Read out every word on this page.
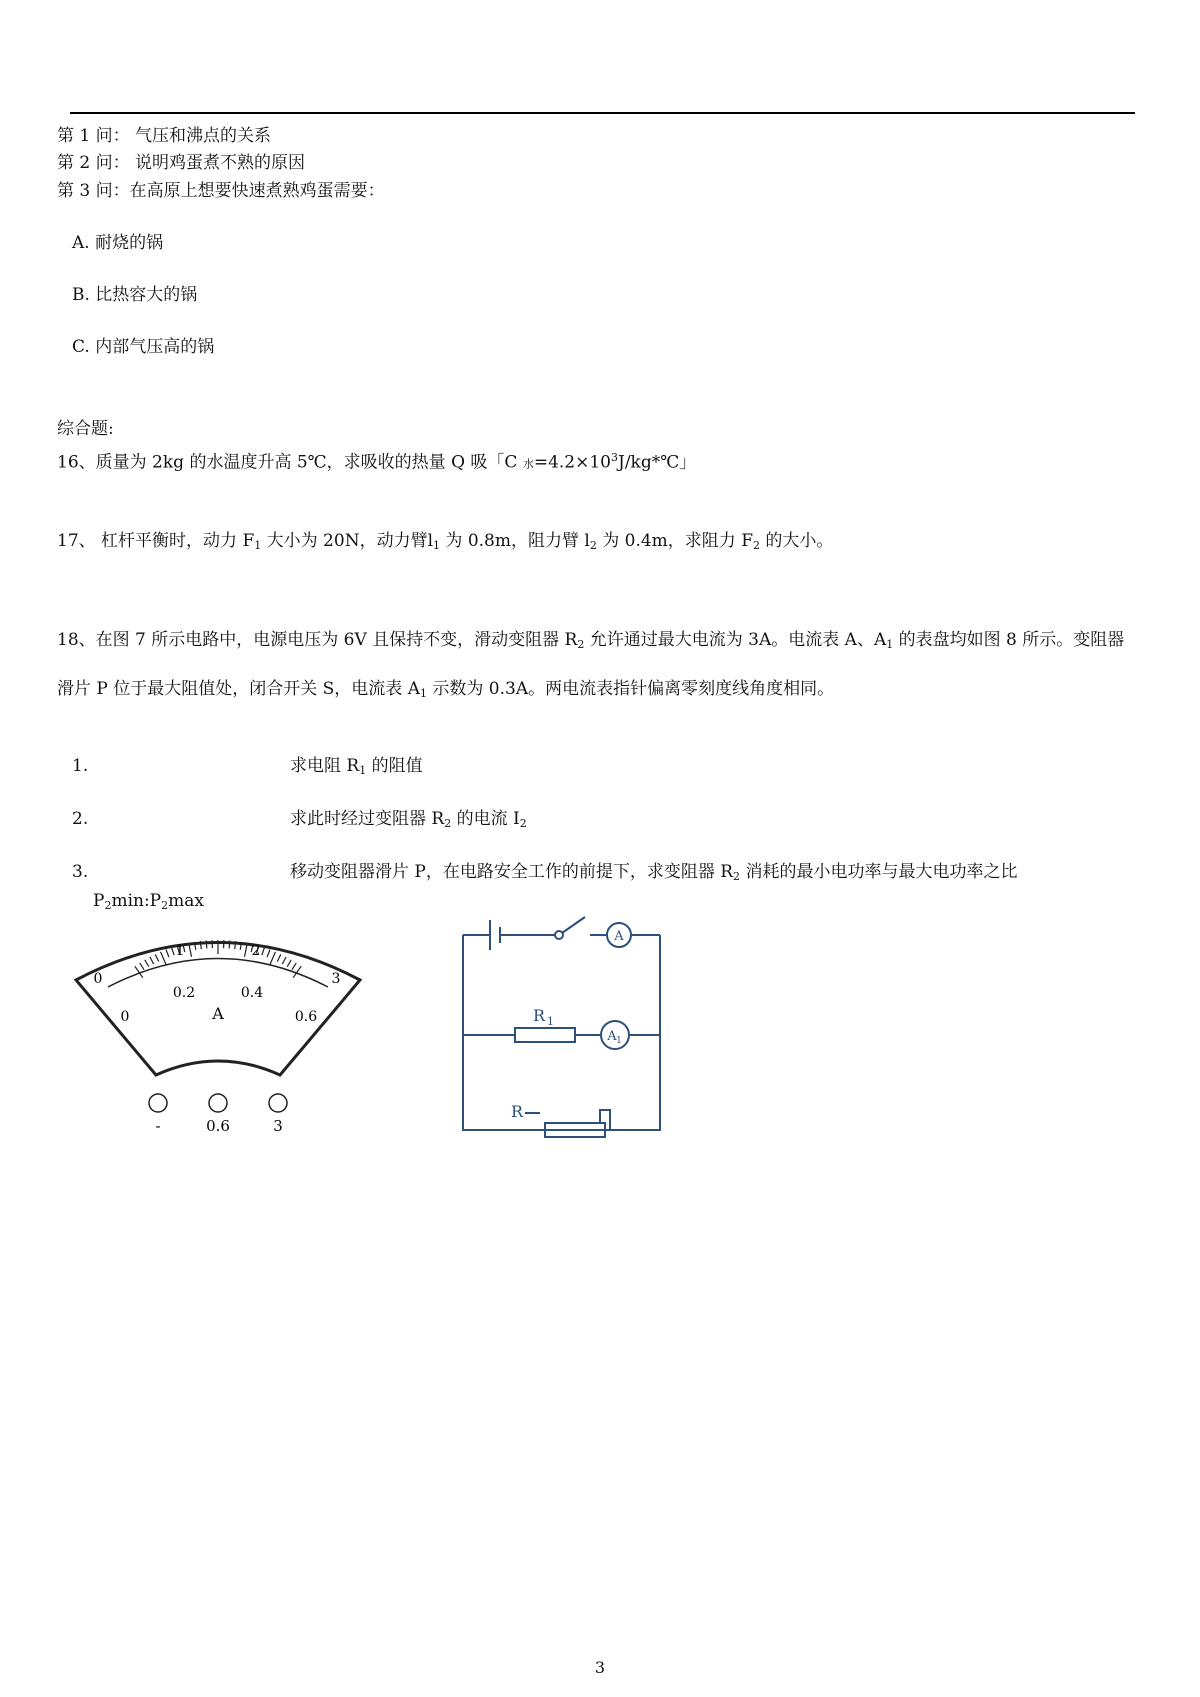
第 1 问： 气压和沸点的关系
第 2 问： 说明鸡蛋煮不熟的原因
第 3 问：在高原上想要快速煮熟鸡蛋需要：
A. 耐烧的锅
B. 比热容大的锅
C. 内部气压高的锅
综合题:
16、质量为 2kg 的水温度升高 5℃，求吸收的热量 Q 吸「C 水$=4.2\times 10^3J/kg*℃$」
17、 杠杆平衡时，动力 $F_1$ 大小为 20N，动力臂$l_1$ 为 0.8m，阻力臂 $l_2$ 为 0.4m，求阻力 $F_2$ 的大小。
18、在图 7 所示电路中，电源电压为 6V 且保持不变，滑动变阻器 $R_2$ 允许通过最大电流为 3A。电流表 A、$A_1$ 的表盘均如图 8 所示。变阻器滑片 P 位于最大阻值处，闭合开关 S，电流表 $A_1$ 示数为 0.3A。两电流表指针偏离零刻度线角度相同。
1.	求电阻 $R_1$ 的阻值
2.	求此时经过变阻器 $R_2$ 的电流 $I_2$
3.	移动变阻器滑片 P，在电路安全工作的前提下，求变阻器 $R_2$ 消耗的最小电功率与最大电功率之比
$P_2\min:P_2\max$
0
1	2
3
0
0.2	0.4
0.6
A
-	0.6	3
A
A 1
R 1
R
3
